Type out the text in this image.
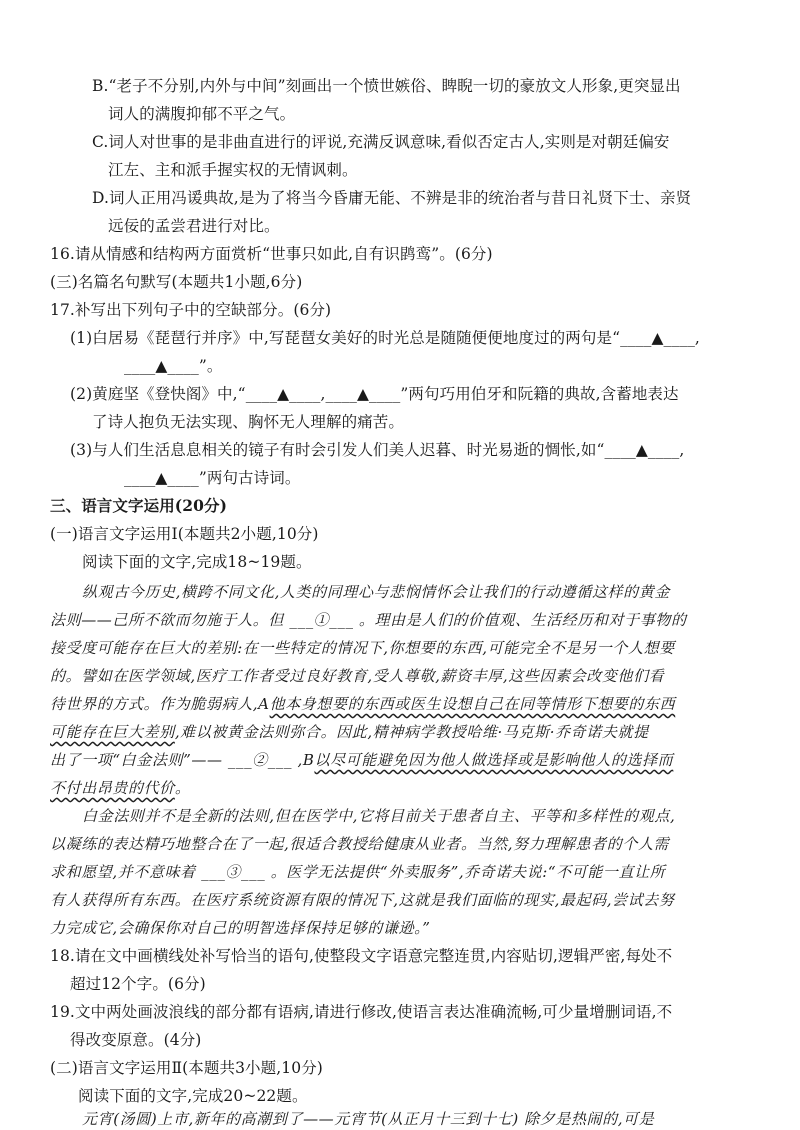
B.“老子不分别,内外与中间”刻画出一个愤世嫉俗、睥睨一切的豪放文人形象,更突显出
词人的满腹抑郁不平之气。
C.词人对世事的是非曲直进行的评说,充满反讽意味,看似否定古人,实则是对朝廷偏安
江左、主和派手握实权的无情讽刺。
D.词人正用冯谖典故,是为了将当今昏庸无能、不辨是非的统治者与昔日礼贤下士、亲贤
远佞的孟尝君进行对比。
16.请从情感和结构两方面赏析“世事只如此,自有识鹍鸾”。(6分)
(三)名篇名句默写(本题共1小题,6分)
17.补写出下列句子中的空缺部分。(6分)
(1)白居易《琵琶行并序》中,写琵琶女美好的时光总是随随便便地度过的两句是“____▲____,
____▲____”。
(2)黄庭坚《登快阁》中,“____▲____,____▲____”两句巧用伯牙和阮籍的典故,含蓄地表达
了诗人抱负无法实现、胸怀无人理解的痛苦。
(3)与人们生活息息相关的镜子有时会引发人们美人迟暮、时光易逝的惆怅,如“____▲____,
____▲____”两句古诗词。
三、语言文字运用(20分)
(一)语言文字运用Ⅰ(本题共2小题,10分)
阅读下面的文字,完成18~19题。
纵观古今历史,横跨不同文化,人类的同理心与悲悯情怀会让我们的行动遵循这样的黄金
法则——己所不欲而勿施于人。但 ___①___ 。理由是人们的价值观、生活经历和对于事物的
接受度可能存在巨大的差别:在一些特定的情况下,你想要的东西,可能完全不是另一个人想要
的。譬如在医学领域,医疗工作者受过良好教育,受人尊敬,薪资丰厚,这些因素会改变他们看
待世界的方式。作为脆弱病人,A他本身想要的东西或医生设想自己在同等情形下想要的东西
可能存在巨大差别,难以被黄金法则弥合。因此,精神病学教授哈维·马克斯·乔奇诺夫就提
出了一项“白金法则”—— ___②___ ,B以尽可能避免因为他人做选择或是影响他人的选择而
不付出昂贵的代价。
白金法则并不是全新的法则,但在医学中,它将目前关于患者自主、平等和多样性的观点,
以凝练的表达精巧地整合在了一起,很适合教授给健康从业者。当然,努力理解患者的个人需
求和愿望,并不意味着 ___③___ 。医学无法提供“外卖服务”,乔奇诺夫说:“不可能一直让所
有人获得所有东西。在医疗系统资源有限的情况下,这就是我们面临的现实,最起码,尝试去努
力完成它,会确保你对自己的明智选择保持足够的谦逊。”
18.请在文中画横线处补写恰当的语句,使整段文字语意完整连贯,内容贴切,逻辑严密,每处不
超过12个字。(6分)
19.文中两处画波浪线的部分都有语病,请进行修改,使语言表达准确流畅,可少量增删词语,不
得改变原意。(4分)
(二)语言文字运用Ⅱ(本题共3小题,10分)
阅读下面的文字,完成20~22题。
元宵(汤圆)上市,新年的高潮到了——元宵节(从正月十三到十七) 除夕是热闹的,可是
